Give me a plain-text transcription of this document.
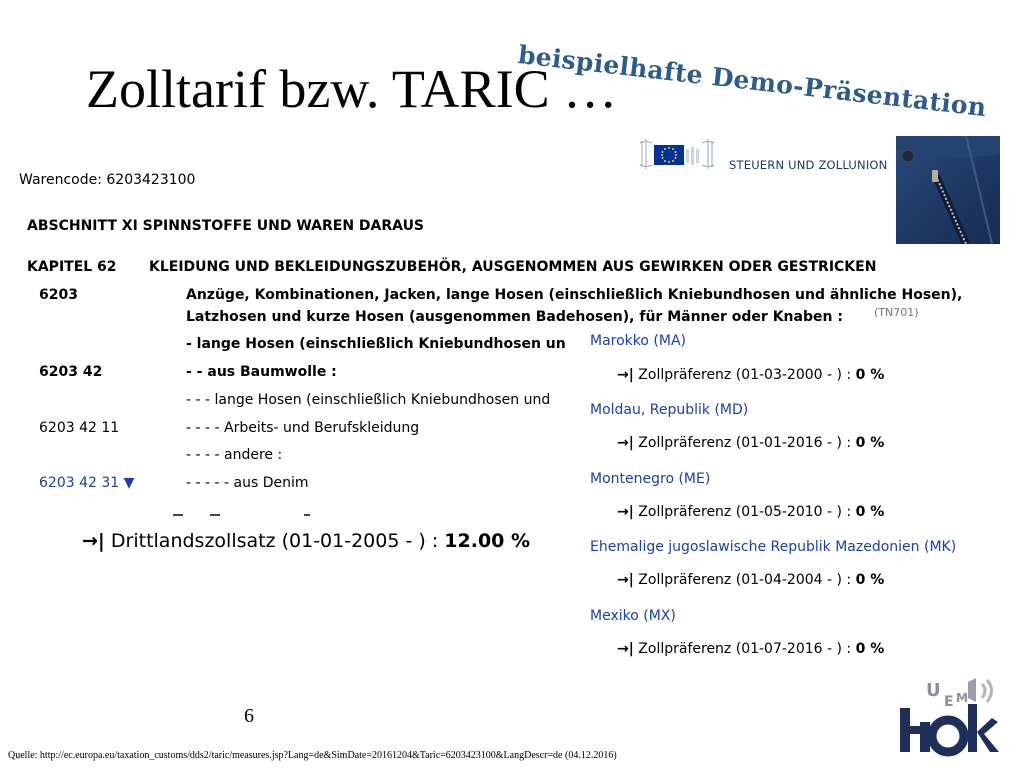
Zolltarif bzw. TARIC …
beispielhafte Demo-Präsentation
STEUERN UND ZOLLUNION
Warencode: 6203423100
ABSCHNITT XI SPINNSTOFFE UND WAREN DARAUS
KAPITEL 62 KLEIDUNG UND BEKLEIDUNGSZUBEHÖR, AUSGENOMMEN AUS GEWIRKEN ODER GESTRICKEN
6203	Anzüge, Kombinationen, Jacken, lange Hosen (einschließlich Kniebundhosen und ähnliche Hosen),
Latzhosen und kurze Hosen (ausgenommen Badehosen), für Männer oder Knaben :	(TN701)
- lange Hosen (einschließlich Kniebundhosen un
6203 42	- - aus Baumwolle :
- - - lange Hosen (einschließlich Kniebundhosen und
6203 42 11	- - - - Arbeits- und Berufskleidung
- - - - andere :
6203 42 31 ▼	- - - - - aus Denim
→| Drittlandszollsatz (01-01-2005 - ) : 12.00 %
Marokko (MA)
→| Zollpräferenz (01-03-2000 - ) : 0 %
Moldau, Republik (MD)
→| Zollpräferenz (01-01-2016 - ) : 0 %
Montenegro (ME)
→| Zollpräferenz (01-05-2010 - ) : 0 %
Ehemalige jugoslawische Republik Mazedonien (MK)
→| Zollpräferenz (01-04-2004 - ) : 0 %
Mexiko (MX)
→| Zollpräferenz (01-07-2016 - ) : 0 %
6
Quelle: http://ec.europa.eu/taxation_customs/dds2/taric/measures.jsp?Lang=de&SimDate=20161204&Taric=6203423100&LangDescr=de (04.12.2016)
U
E M
